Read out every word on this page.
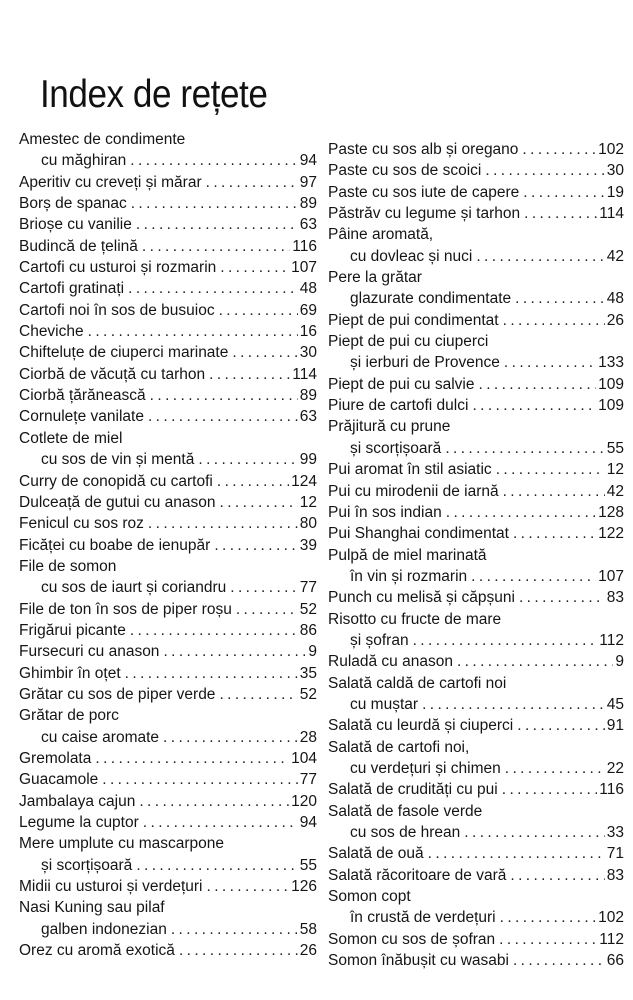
Index de rețete
Amestec de condimente
cu măghiran .....	94
Aperitiv cu creveți și mărar .....	97
Borș de spanac .....	89
Brioșe cu vanilie .....	63
Budincă de țelină .....	116
Cartofi cu usturoi și rozmarin .....	107
Cartofi gratinați .....	48
Cartofi noi în sos de busuioc .....	69
Cheviche .....	16
Chifteluțe de ciuperci marinate .....	30
Ciorbă de văcuță cu tarhon .....	114
Ciorbă țărănească .....	89
Cornulețe vanilate .....	63
Cotlete de miel
cu sos de vin și mentă .....	99
Curry de conopidă cu cartofi .....	124
Dulceață de gutui cu anason .....	12
Fenicul cu sos roz .....	80
Ficăței cu boabe de ienupăr .....	39
File de somon
cu sos de iaurt și coriandru .....	77
File de ton în sos de piper roșu .....	52
Frigărui picante .....	86
Fursecuri cu anason .....	9
Ghimbir în oțet .....	35
Grătar cu sos de piper verde .....	52
Grătar de porc
cu caise aromate .....	28
Gremolata .....	104
Guacamole .....	77
Jambalaya cajun .....	120
Legume la cuptor .....	94
Mere umplute cu mascarpone
și scorțișoară .....	55
Midii cu usturoi și verdețuri .....	126
Nasi Kuning sau pilaf
galben indonezian .....	58
Orez cu aromă exotică .....	26
Paste cu sos alb și oregano .....	102
Paste cu sos de scoici .....	30
Paste cu sos iute de capere .....	19
Păstrăv cu legume și tarhon .....	114
Pâine aromată,
cu dovleac și nuci .....	42
Pere la grătar
glazurate condimentate .....	48
Piept de pui condimentat .....	26
Piept de pui cu ciuperci
și ierburi de Provence .....	133
Piept de pui cu salvie .....	109
Piure de cartofi dulci .....	109
Prăjitură cu prune
și scorțișoară .....	55
Pui aromat în stil asiatic .....	12
Pui cu mirodenii de iarnă .....	42
Pui în sos indian .....	128
Pui Shanghai condimentat .....	122
Pulpă de miel marinată
în vin și rozmarin .....	107
Punch cu melisă și căpșuni .....	83
Risotto cu fructe de mare
și șofran .....	112
Ruladă cu anason .....	9
Salată caldă de cartofi noi
cu muștar .....	45
Salată cu leurdă și ciuperci .....	91
Salată de cartofi noi,
cu verdețuri și chimen .....	22
Salată de crudități cu pui .....	116
Salată de fasole verde
cu sos de hrean .....	33
Salată de ouă .....	71
Salată răcoritoare de vară .....	83
Somon copt
în crustă de verdețuri .....	102
Somon cu sos de șofran .....	112
Somon înăbușit cu wasabi .....	66
